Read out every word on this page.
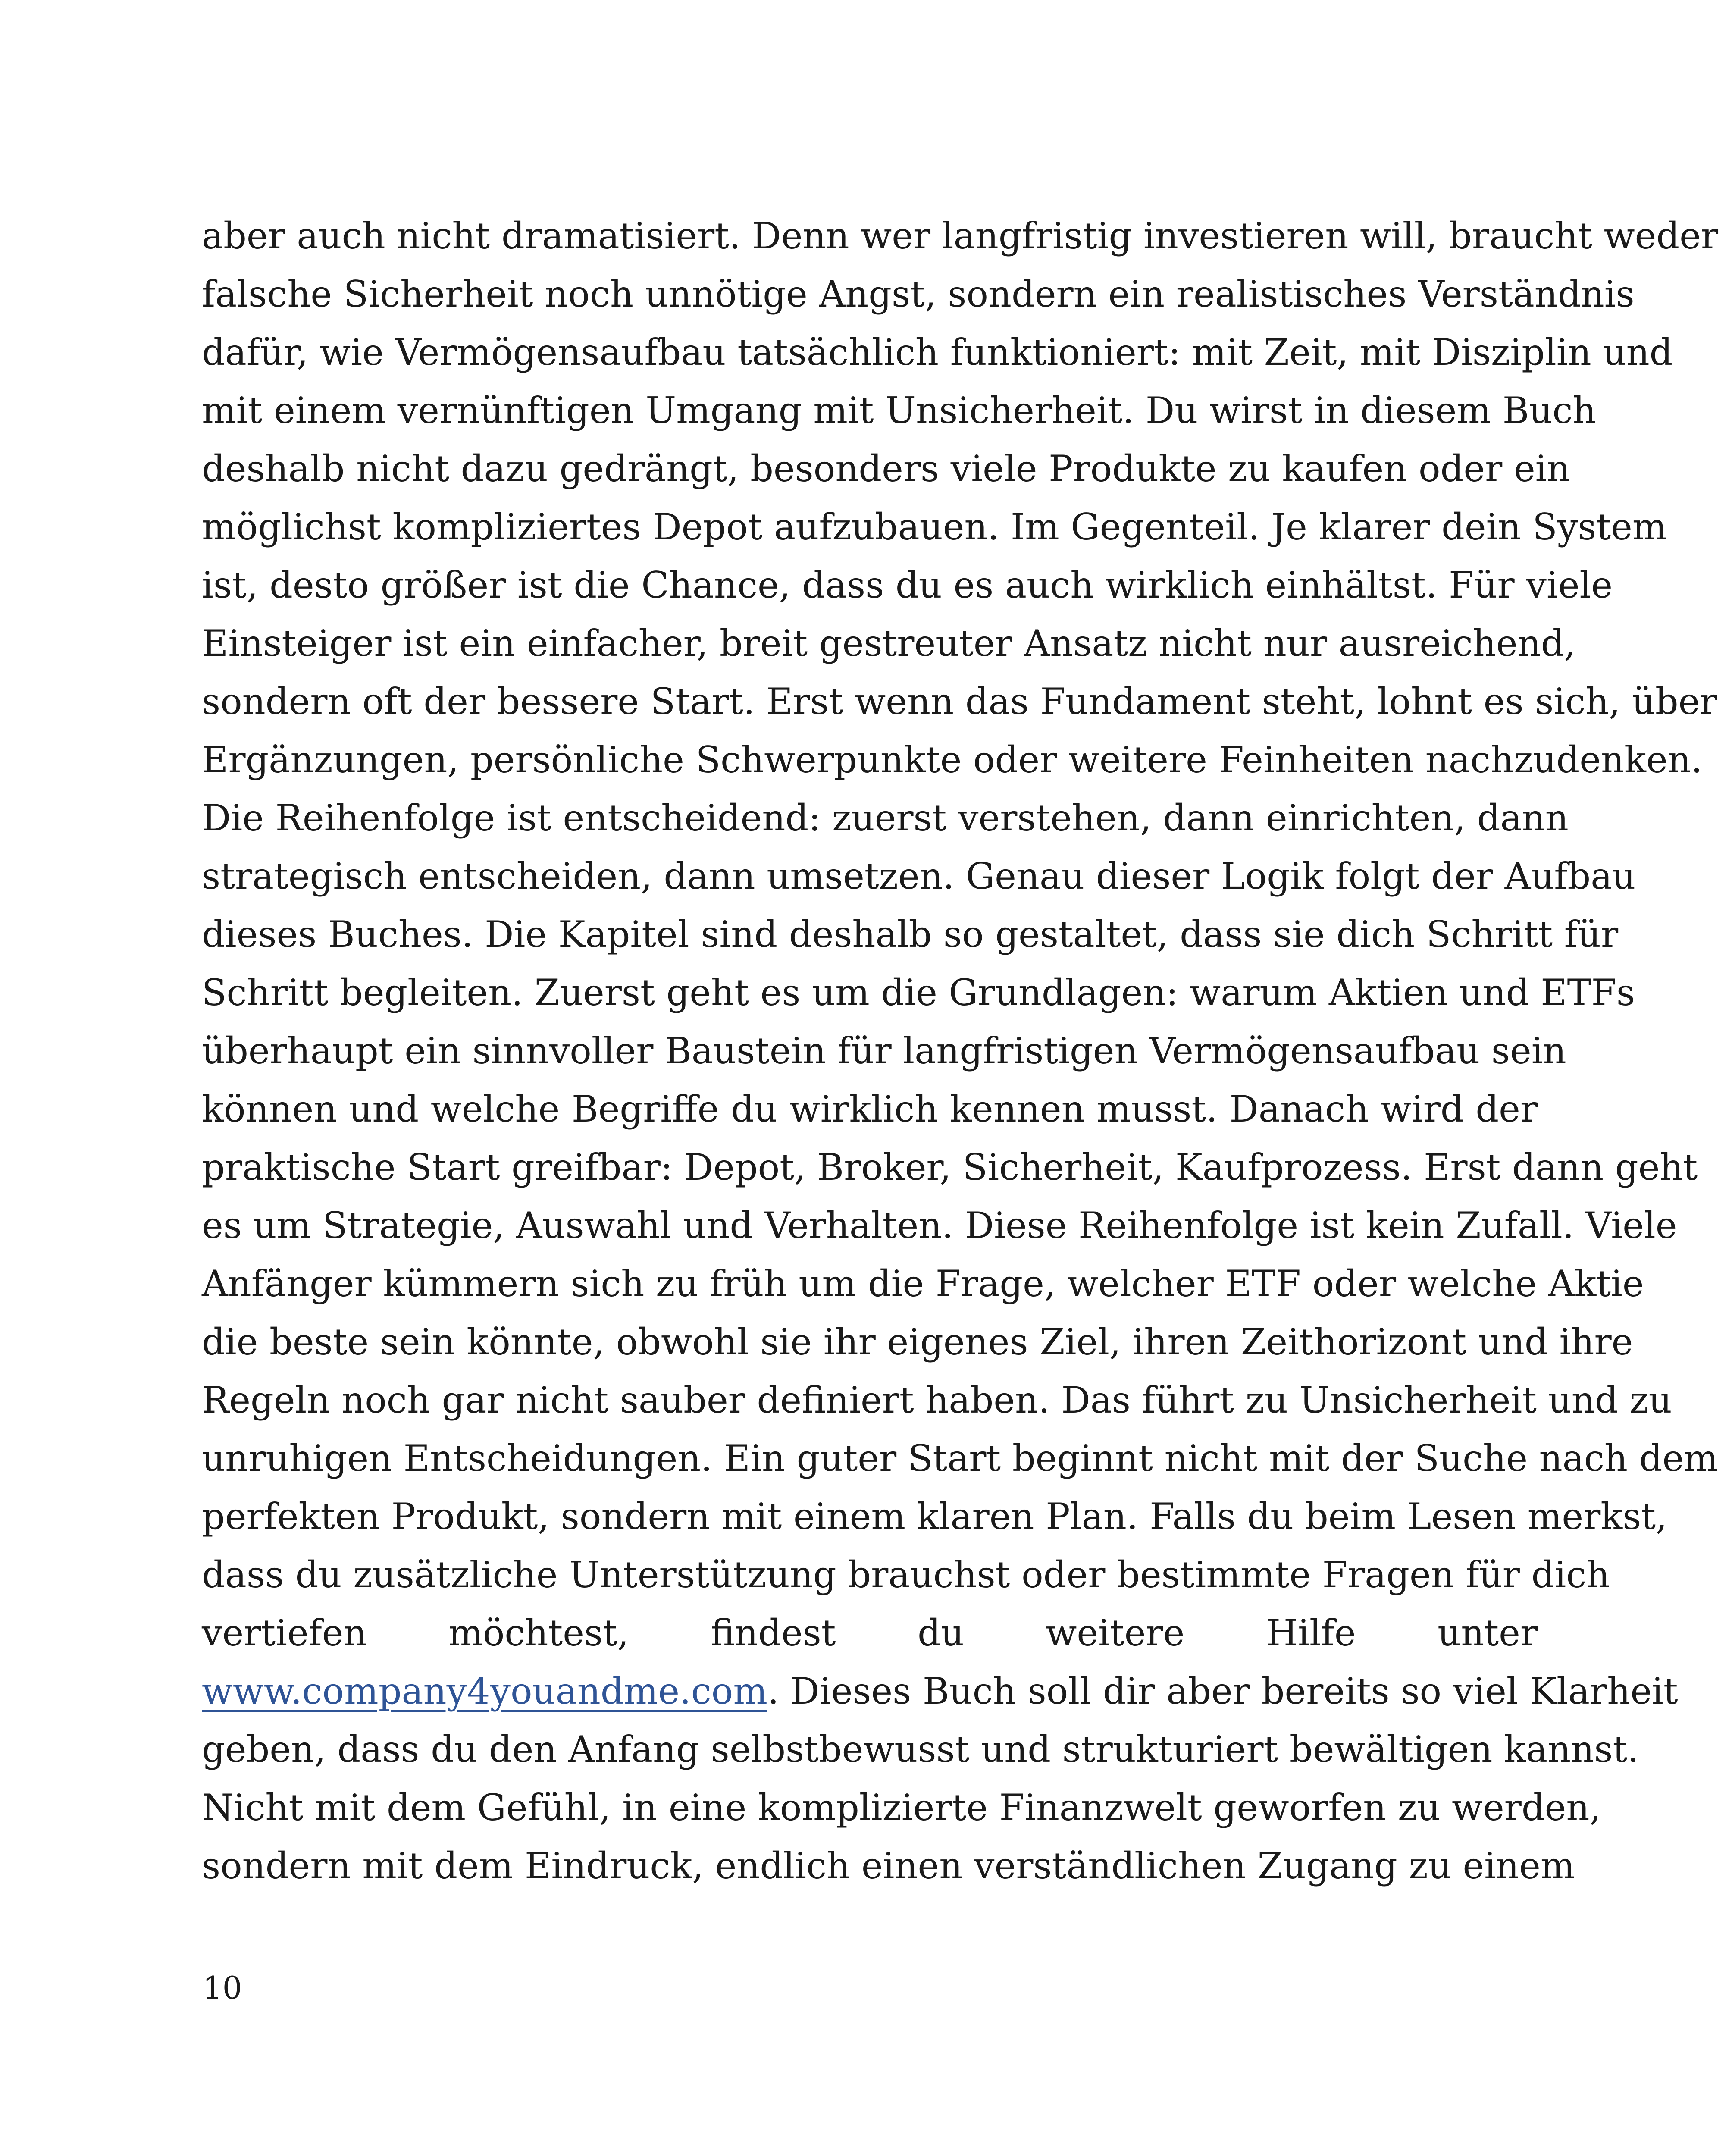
aber auch nicht dramatisiert. Denn wer langfristig investieren will, braucht weder
falsche Sicherheit noch unnötige Angst, sondern ein realistisches Verständnis
dafür, wie Vermögensaufbau tatsächlich funktioniert: mit Zeit, mit Disziplin und
mit einem vernünftigen Umgang mit Unsicherheit. Du wirst in diesem Buch
deshalb nicht dazu gedrängt, besonders viele Produkte zu kaufen oder ein
möglichst kompliziertes Depot aufzubauen. Im Gegenteil. Je klarer dein System
ist, desto größer ist die Chance, dass du es auch wirklich einhältst. Für viele
Einsteiger ist ein einfacher, breit gestreuter Ansatz nicht nur ausreichend,
sondern oft der bessere Start. Erst wenn das Fundament steht, lohnt es sich, über
Ergänzungen, persönliche Schwerpunkte oder weitere Feinheiten nachzudenken.
Die Reihenfolge ist entscheidend: zuerst verstehen, dann einrichten, dann
strategisch entscheiden, dann umsetzen. Genau dieser Logik folgt der Aufbau
dieses Buches. Die Kapitel sind deshalb so gestaltet, dass sie dich Schritt für
Schritt begleiten. Zuerst geht es um die Grundlagen: warum Aktien und ETFs
überhaupt ein sinnvoller Baustein für langfristigen Vermögensaufbau sein
können und welche Begriffe du wirklich kennen musst. Danach wird der
praktische Start greifbar: Depot, Broker, Sicherheit, Kaufprozess. Erst dann geht
es um Strategie, Auswahl und Verhalten. Diese Reihenfolge ist kein Zufall. Viele
Anfänger kümmern sich zu früh um die Frage, welcher ETF oder welche Aktie
die beste sein könnte, obwohl sie ihr eigenes Ziel, ihren Zeithorizont und ihre
Regeln noch gar nicht sauber definiert haben. Das führt zu Unsicherheit und zu
unruhigen Entscheidungen. Ein guter Start beginnt nicht mit der Suche nach dem
perfekten Produkt, sondern mit einem klaren Plan. Falls du beim Lesen merkst,
dass du zusätzliche Unterstützung brauchst oder bestimmte Fragen für dich
vertiefen möchtest, findest du weitere Hilfe unter
www.company4youandme.com. Dieses Buch soll dir aber bereits so viel Klarheit
geben, dass du den Anfang selbstbewusst und strukturiert bewältigen kannst.
Nicht mit dem Gefühl, in eine komplizierte Finanzwelt geworfen zu werden,
sondern mit dem Eindruck, endlich einen verständlichen Zugang zu einem
10
